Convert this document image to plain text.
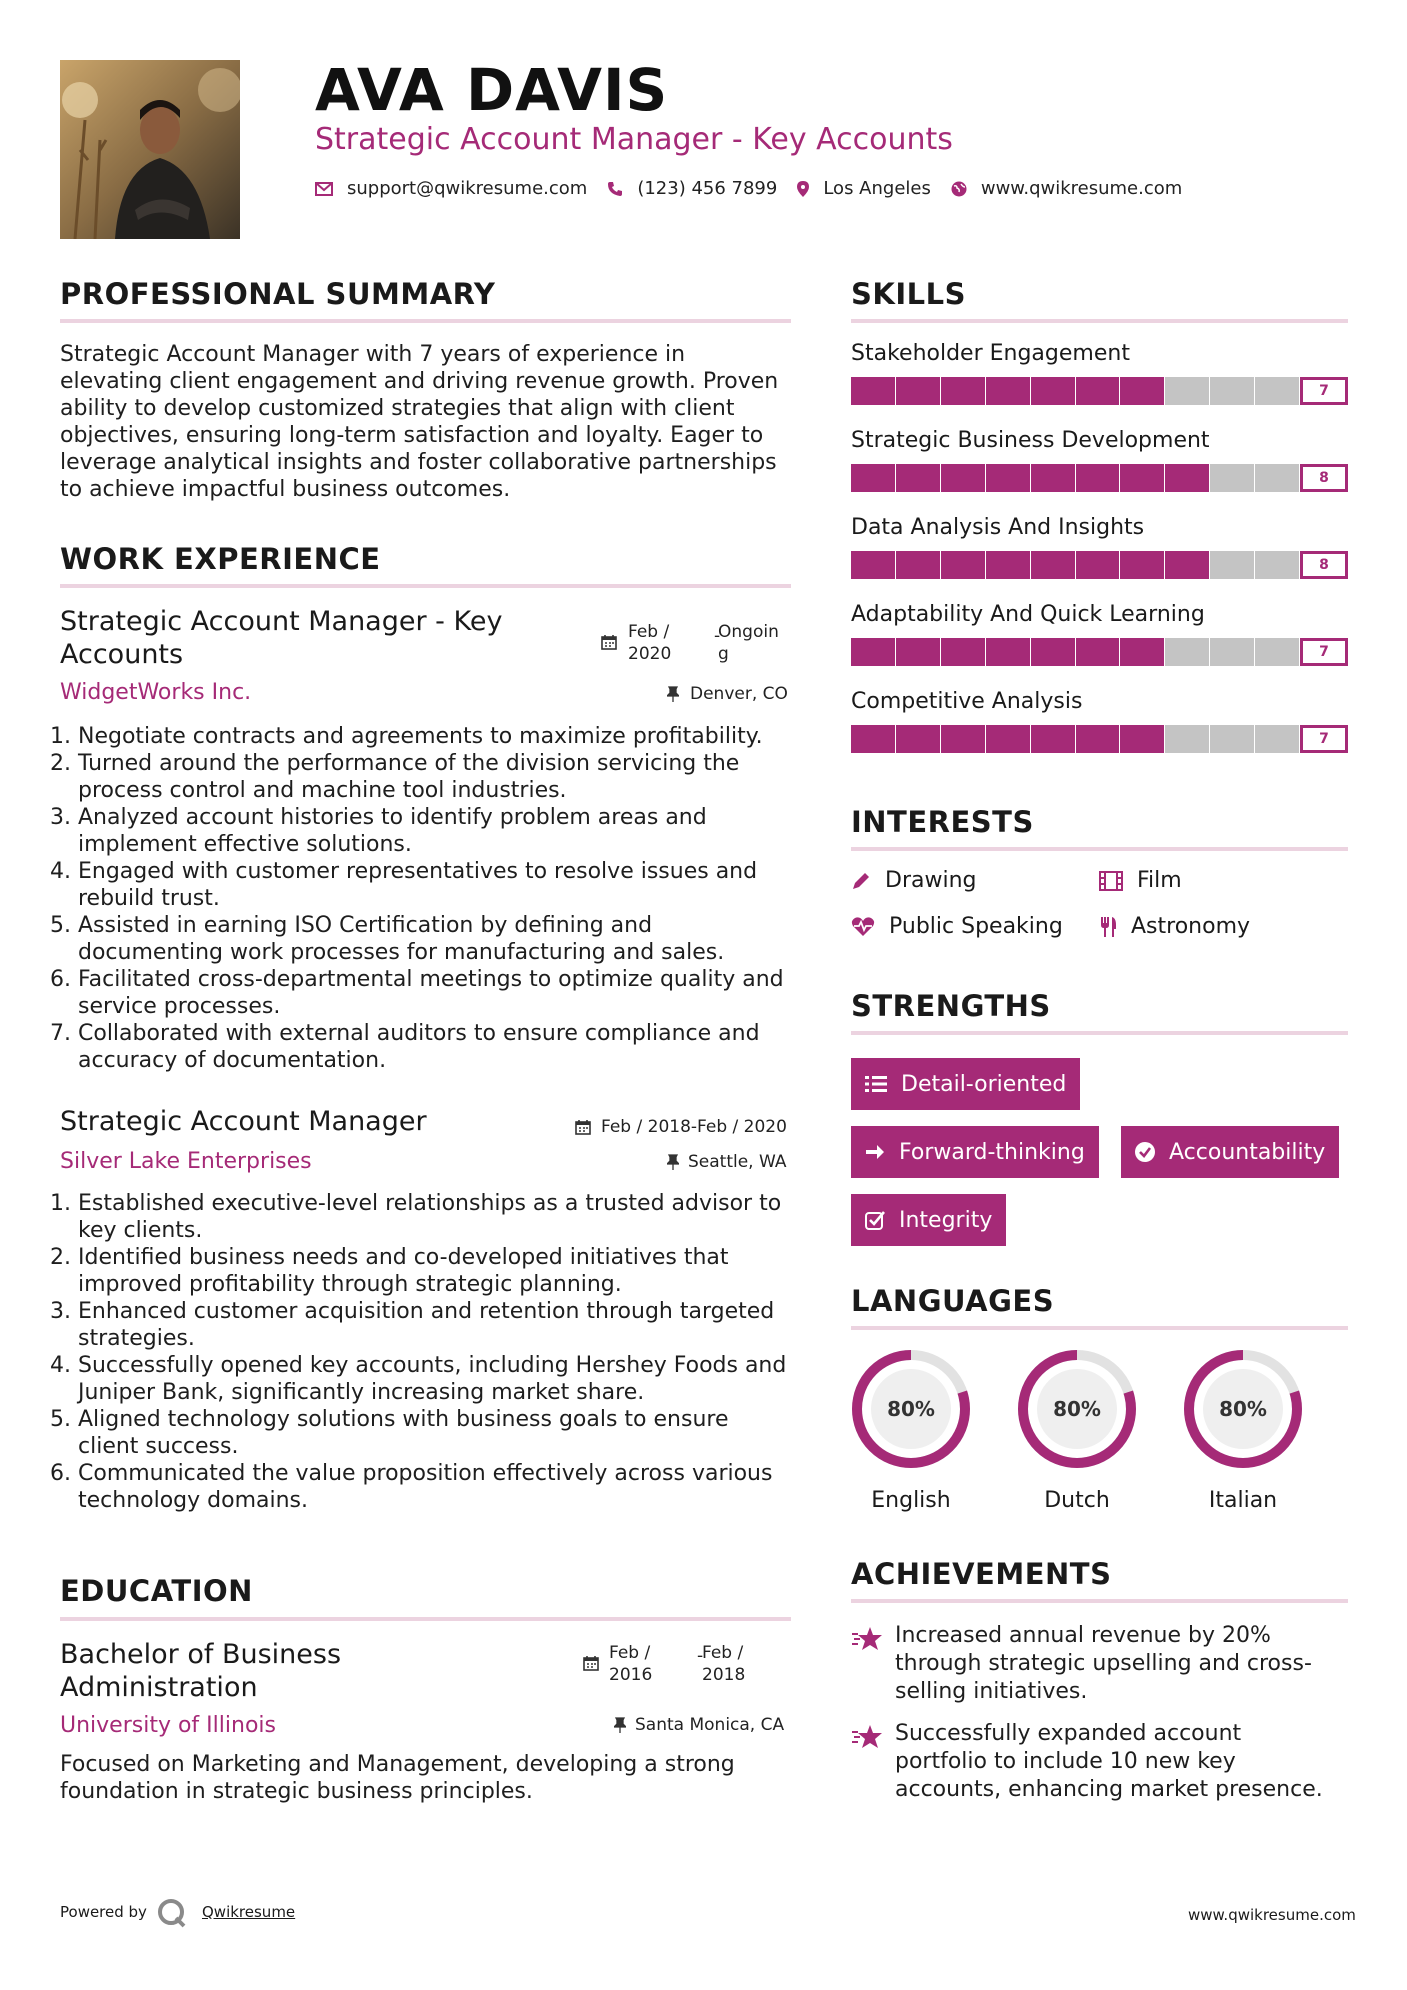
AVA DAVIS
Strategic Account Manager - Key Accounts
support@qwikresume.com	(123) 456 7899	Los Angeles	www.qwikresume.com
PROFESSIONAL SUMMARY
Strategic Account Manager with 7 years of experience in elevating client engagement and driving revenue growth. Proven ability to develop customized strategies that align with client objectives, ensuring long-term satisfaction and loyalty. Eager to leverage analytical insights and foster collaborative partnerships to achieve impactful business outcomes.
WORK EXPERIENCE
Strategic Account Manager - Key Accounts
Feb / 2020
-
Ongoin g
WidgetWorks Inc.	Denver, CO
1. Negotiate contracts and agreements to maximize profitability.
2. Turned around the performance of the division servicing the process control and machine tool industries.
3. Analyzed account histories to identify problem areas and implement effective solutions.
4. Engaged with customer representatives to resolve issues and rebuild trust.
5. Assisted in earning ISO Certification by defining and documenting work processes for manufacturing and sales.
6. Facilitated cross-departmental meetings to optimize quality and service processes.
7. Collaborated with external auditors to ensure compliance and accuracy of documentation.
Strategic Account Manager	Feb / 2018-Feb / 2020
Silver Lake Enterprises	Seattle, WA
1. Established executive-level relationships as a trusted advisor to key clients.
2. Identified business needs and co-developed initiatives that improved profitability through strategic planning.
3. Enhanced customer acquisition and retention through targeted strategies.
4. Successfully opened key accounts, including Hershey Foods and Juniper Bank, significantly increasing market share.
5. Aligned technology solutions with business goals to ensure client success.
6. Communicated the value proposition effectively across various technology domains.
EDUCATION
Bachelor of Business Administration
Feb / 2016
-
Feb / 2018
University of Illinois	Santa Monica, CA
Focused on Marketing and Management, developing a strong foundation in strategic business principles.
SKILLS
Stakeholder Engagement
7
Strategic Business Development
8
Data Analysis And Insights
8
Adaptability And Quick Learning
7
Competitive Analysis
7
INTERESTS
Drawing	Film
Public Speaking	Astronomy
STRENGTHS
Detail-oriented
Forward-thinking	Accountability
Integrity
LANGUAGES
80%
English
80%
Dutch
80%
Italian
ACHIEVEMENTS
Increased annual revenue by 20% through strategic upselling and cross-selling initiatives.
Successfully expanded account portfolio to include 10 new key accounts, enhancing market presence.
Powered by	Qwikresume	www.qwikresume.com
